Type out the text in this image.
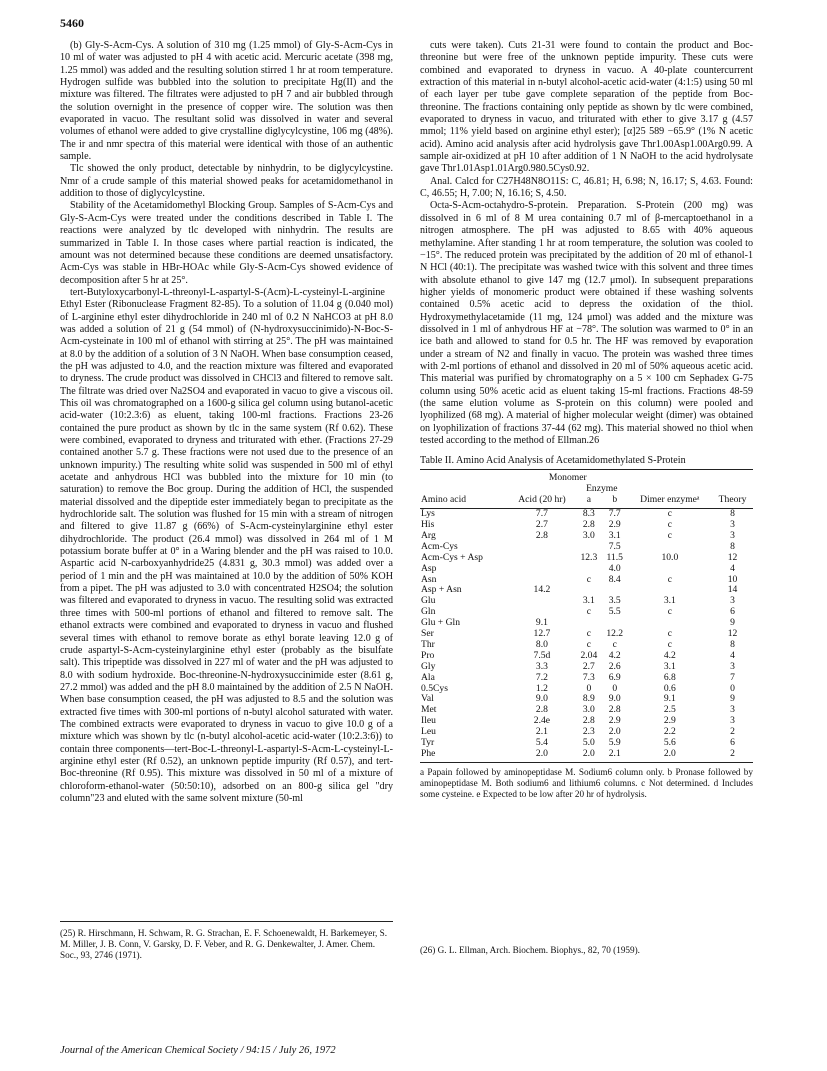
5460

(b) Gly-S-Acm-Cys. A solution of 310 mg (1.25 mmol) of Gly-S-Acm-Cys in 10 ml of water was adjusted to pH 4 with acetic acid. Mercuric acetate (398 mg, 1.25 mmol) was added and the resulting solution stirred 1 hr at room temperature. Hydrogen sulfide was bubbled into the solution to precipitate Hg(II) and the mixture was filtered. The filtrates were adjusted to pH 7 and air bubbled through the solution overnight in the presence of copper wire. The solution was then evaporated in vacuo. The resultant solid was dissolved in water and several volumes of ethanol were added to give crystalline diglycylcystine, 106 mg (48%). The ir and nmr spectra of this material were identical with those of an authentic sample.

Tlc showed the only product, detectable by ninhydrin, to be diglycylcystine. Nmr of a crude sample of this material showed peaks for acetamidomethanol in addition to those of diglycylcystine.

Stability of the Acetamidomethyl Blocking Group. Samples of S-Acm-Cys and Gly-S-Acm-Cys were treated under the conditions described in Table I. The reactions were analyzed by tlc developed with ninhydrin. The results are summarized in Table I. In those cases where partial reaction is indicated, the amount was not determined because these conditions are deemed unsatisfactory. Acm-Cys was stable in HBr-HOAc while Gly-S-Acm-Cys showed evidence of decomposition after 5 hr at 25°.

tert-Butyloxycarbonyl-L-threonyl-L-aspartyl-S-(Acm)-L-cysteinyl-L-arginine Ethyl Ester (Ribonuclease Fragment 82-85). To a solution of 11.04 g (0.040 mol) of L-arginine ethyl ester dihydrochloride in 240 ml of 0.2 N NaHCO3 at pH 8.0 was added a solution of 21 g (54 mmol) of (N-hydroxysuccinimido)-N-Boc-S-Acm-cysteinate in 100 ml of ethanol with stirring at 25°. The pH was maintained at 8.0 by the addition of a solution of 3 N NaOH. When base consumption ceased, the pH was adjusted to 4.0, and the reaction mixture was filtered and evaporated to dryness. The crude product was dissolved in CHCl3 and filtered to remove salt. The filtrate was dried over Na2SO4 and evaporated in vacuo to give a viscous oil. This oil was chromatographed on a 1600-g silica gel column using butanol-acetic acid-water (10:2.3:6) as eluent, taking 100-ml fractions. Fractions 23-26 contained the pure product as shown by tlc in the same system (Rf 0.62). These were combined, evaporated to dryness and triturated with ether. (Fractions 27-29 contained another 5.7 g. These fractions were not used due to the presence of an unknown impurity.) The resulting white solid was suspended in 500 ml of ethyl acetate and anhydrous HCl was bubbled into the mixture for 10 min (to saturation) to remove the Boc group. During the addition of HCl, the suspended material dissolved and the dipeptide ester immediately began to precipitate as the hydrochloride salt. The solution was flushed for 15 min with a stream of nitrogen and filtered to give 11.87 g (66%) of S-Acm-cysteinylarginine ethyl ester dihydrochloride. The product (26.4 mmol) was dissolved in 264 ml of 1 M potassium borate buffer at 0° in a Waring blender and the pH was raised to 10.0. Aspartic acid N-carboxyanhydride25 (4.831 g, 30.3 mmol) was added over a period of 1 min and the pH was maintained at 10.0 by the addition of 50% KOH from a pipet. The pH was adjusted to 3.0 with concentrated H2SO4; the solution was filtered and evaporated to dryness in vacuo. The resulting solid was extracted three times with 500-ml portions of ethanol and filtered to remove salt. The ethanol extracts were combined and evaporated to dryness in vacuo and flushed several times with ethanol to remove borate as ethyl borate leaving 12.0 g of crude aspartyl-S-Acm-cysteinylarginine ethyl ester (probably as the bisulfate salt). This tripeptide was dissolved in 227 ml of water and the pH was adjusted to 8.0 with sodium hydroxide. Boc-threonine-N-hydroxysuccinimide ester (8.61 g, 27.2 mmol) was added and the pH 8.0 maintained by the addition of 2.5 N NaOH. When base consumption ceased, the pH was adjusted to 8.5 and the solution was extracted five times with 300-ml portions of n-butyl alcohol saturated with water. The combined extracts were evaporated to dryness in vacuo to give 10.0 g of a mixture which was shown by tlc (n-butyl alcohol-acetic acid-water (10:2.3:6)) to contain three components—tert-Boc-L-threonyl-L-aspartyl-S-Acm-L-cysteinyl-L-arginine ethyl ester (Rf 0.52), an unknown peptide impurity (Rf 0.57), and tert-Boc-threonine (Rf 0.95). This mixture was dissolved in 50 ml of a mixture of chloroform-ethanol-water (50:50:10), adsorbed on an 800-g silica gel "dry column"23 and eluted with the same solvent mixture (50-ml

cuts were taken). Cuts 21-31 were found to contain the product and Boc-threonine but were free of the unknown peptide impurity. These cuts were combined and evaporated to dryness in vacuo. A 40-plate countercurrent extraction of this material in n-butyl alcohol-acetic acid-water (4:1:5) using 50 ml of each layer per tube gave complete separation of the peptide from Boc-threonine. The fractions containing only peptide as shown by tlc were combined, evaporated to dryness in vacuo, and triturated with ether to give 3.17 g (4.57 mmol; 11% yield based on arginine ethyl ester); [α]25 589 −65.9° (1% N acetic acid). Amino acid analysis after acid hydrolysis gave Thr1.00Asp1.00Arg0.99. A sample air-oxidized at pH 10 after addition of 1 N NaOH to the acid hydrolysate gave Thr1.01Asp1.01Arg0.980.5Cys0.92.

Anal. Calcd for C27H48N8O11S: C, 46.81; H, 6.98; N, 16.17; S, 4.63. Found: C, 46.55; H, 7.00; N, 16.16; S, 4.50.

Octa-S-Acm-octahydro-S-protein. Preparation. S-Protein (200 mg) was dissolved in 6 ml of 8 M urea containing 0.7 ml of β-mercaptoethanol in a nitrogen atmosphere. The pH was adjusted to 8.65 with 40% aqueous methylamine. After standing 1 hr at room temperature, the solution was cooled to −15°. The reduced protein was precipitated by the addition of 20 ml of ethanol-1 N HCl (40:1). The precipitate was washed twice with this solvent and three times with absolute ethanol to give 147 mg (12.7 μmol). In subsequent preparations higher yields of monomeric product were obtained if these washing solvents contained 0.5% acetic acid to depress the oxidation of the thiol. Hydroxymethylacetamide (11 mg, 124 μmol) was added and the mixture was dissolved in 1 ml of anhydrous HF at −78°. The solution was warmed to 0° in an ice bath and allowed to stand for 0.5 hr. The HF was removed by evaporation under a stream of N2 and finally in vacuo. The protein was washed three times with 2-ml portions of ethanol and dissolved in 20 ml of 50% aqueous acetic acid. This material was purified by chromatography on a 5 × 100 cm Sephadex G-75 column using 50% acetic acid as eluent taking 15-ml fractions. Fractions 48-59 (the same elution volume as S-protein on this column) were pooled and lyophilized (68 mg). A material of higher molecular weight (dimer) was obtained on lyophilization of fractions 37-44 (62 mg). This material showed no thiol when tested according to the method of Ellman.26

Table II. Amino Acid Analysis of Acetamidomethylated S-Protein
	Monomer				
		Enzyme			
Amino acid	Acid (20 hr)	a	b	Dimer enzymeᵃ	Theory
Lys	7.7	8.3	7.7	c	8
His	2.7	2.8	2.9	c	3
Arg	2.8	3.0	3.1	c	3
Acm-Cys			7.5		8
Acm-Cys + Asp		12.3	11.5	10.0	12
Asp			4.0		4
Asn		c	8.4	c	10
Asp + Asn	14.2				14
Glu		3.1	3.5	3.1	3
Gln		c	5.5	c	6
Glu + Gln	9.1				9
Ser	12.7	c	12.2	c	12
Thr	8.0	c	c	c	8
Pro	7.5d	2.04	4.2	4.2	4
Gly	3.3	2.7	2.6	3.1	3
Ala	7.2	7.3	6.9	6.8	7
0.5Cys	1.2	0	0	0.6	0
Val	9.0	8.9	9.0	9.1	9
Met	2.8	3.0	2.8	2.5	3
Ileu	2.4e	2.8	2.9	2.9	3
Leu	2.1	2.3	2.0	2.2	2
Tyr	5.4	5.0	5.9	5.6	6
Phe	2.0	2.0	2.1	2.0	2
a Papain followed by aminopeptidase M. Sodium6 column only. b Pronase followed by aminopeptidase M. Both sodium6 and lithium6 columns. c Not determined. d Includes some cysteine. e Expected to be low after 20 hr of hydrolysis.
(25) R. Hirschmann, H. Schwam, R. G. Strachan, E. F. Schoenewaldt, H. Barkemeyer, S. M. Miller, J. B. Conn, V. Garsky, D. F. Veber, and R. G. Denkewalter, J. Amer. Chem. Soc., 93, 2746 (1971).	(26) G. L. Ellman, Arch. Biochem. Biophys., 82, 70 (1959).
Journal of the American Chemical Society / 94:15 / July 26, 1972
